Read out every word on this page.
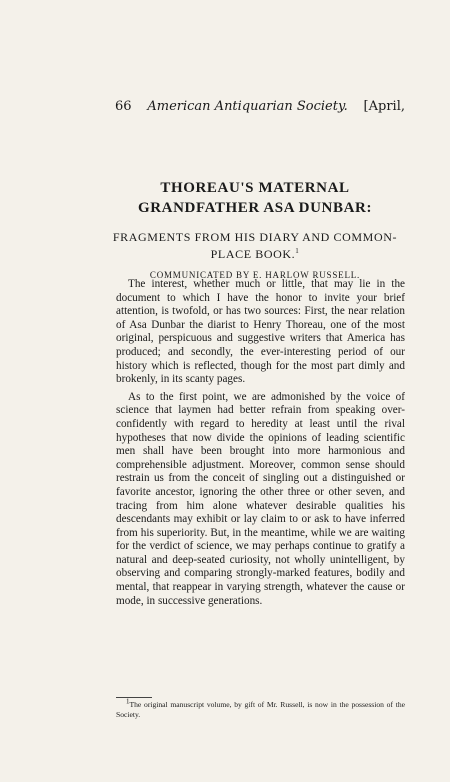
66 American Antiquarian Society. [April,
THOREAU'S MATERNAL GRANDFATHER ASA DUNBAR:

FRAGMENTS FROM HIS DIARY AND COMMON-PLACE BOOK.$^1$

COMMUNICATED BY E. HARLOW RUSSELL.

The interest, whether much or little, that may lie in the document to which I have the honor to invite your brief attention, is twofold, or has two sources: First, the near relation of Asa Dunbar the diarist to Henry Thoreau, one of the most original, perspicuous and suggestive writers that America has produced; and secondly, the ever-interesting period of our history which is reflected, though for the most part dimly and brokenly, in its scanty pages.

As to the first point, we are admonished by the voice of science that laymen had better refrain from speaking over-confidently with regard to heredity at least until the rival hypotheses that now divide the opinions of leading scientific men shall have been brought into more harmonious and comprehensible adjustment. Moreover, common sense should restrain us from the conceit of singling out a distinguished or favorite ancestor, ignoring the other three or other seven, and tracing from him alone whatever desirable qualities his descendants may exhibit or lay claim to or ask to have inferred from his superiority. But, in the meantime, while we are waiting for the verdict of science, we may perhaps continue to gratify a natural and deep-seated curiosity, not wholly unintelligent, by observing and comparing strongly-marked features, bodily and mental, that reappear in varying strength, whatever the cause or mode, in successive generations.

$^1$The original manuscript volume, by gift of Mr. Russell, is now in the possession of the Society.
